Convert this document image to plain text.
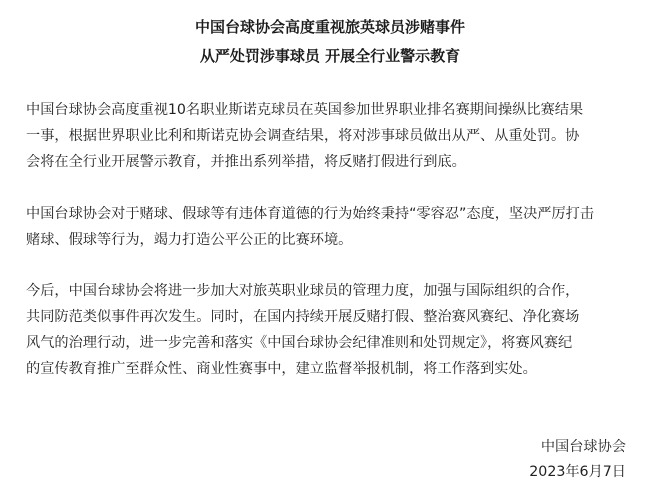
中国台球协会高度重视旅英球员涉赌事件
从严处罚涉事球员 开展全行业警示教育
中国台球协会高度重视10名职业斯诺克球员在英国参加世界职业排名赛期间操纵比赛结果
一事，根据世界职业比利和斯诺克协会调查结果，将对涉事球员做出从严、从重处罚。协
会将在全行业开展警示教育，并推出系列举措，将反赌打假进行到底。
中国台球协会对于赌球、假球等有违体育道德的行为始终秉持“零容忍”态度，坚决严厉打击
赌球、假球等行为，竭力打造公平公正的比赛环境。
今后，中国台球协会将进一步加大对旅英职业球员的管理力度，加强与国际组织的合作，
共同防范类似事件再次发生。同时，在国内持续开展反赌打假、整治赛风赛纪、净化赛场
风气的治理行动，进一步完善和落实《中国台球协会纪律准则和处罚规定》，将赛风赛纪
的宣传教育推广至群众性、商业性赛事中，建立监督举报机制，将工作落到实处。
中国台球协会
2023年6月7日
